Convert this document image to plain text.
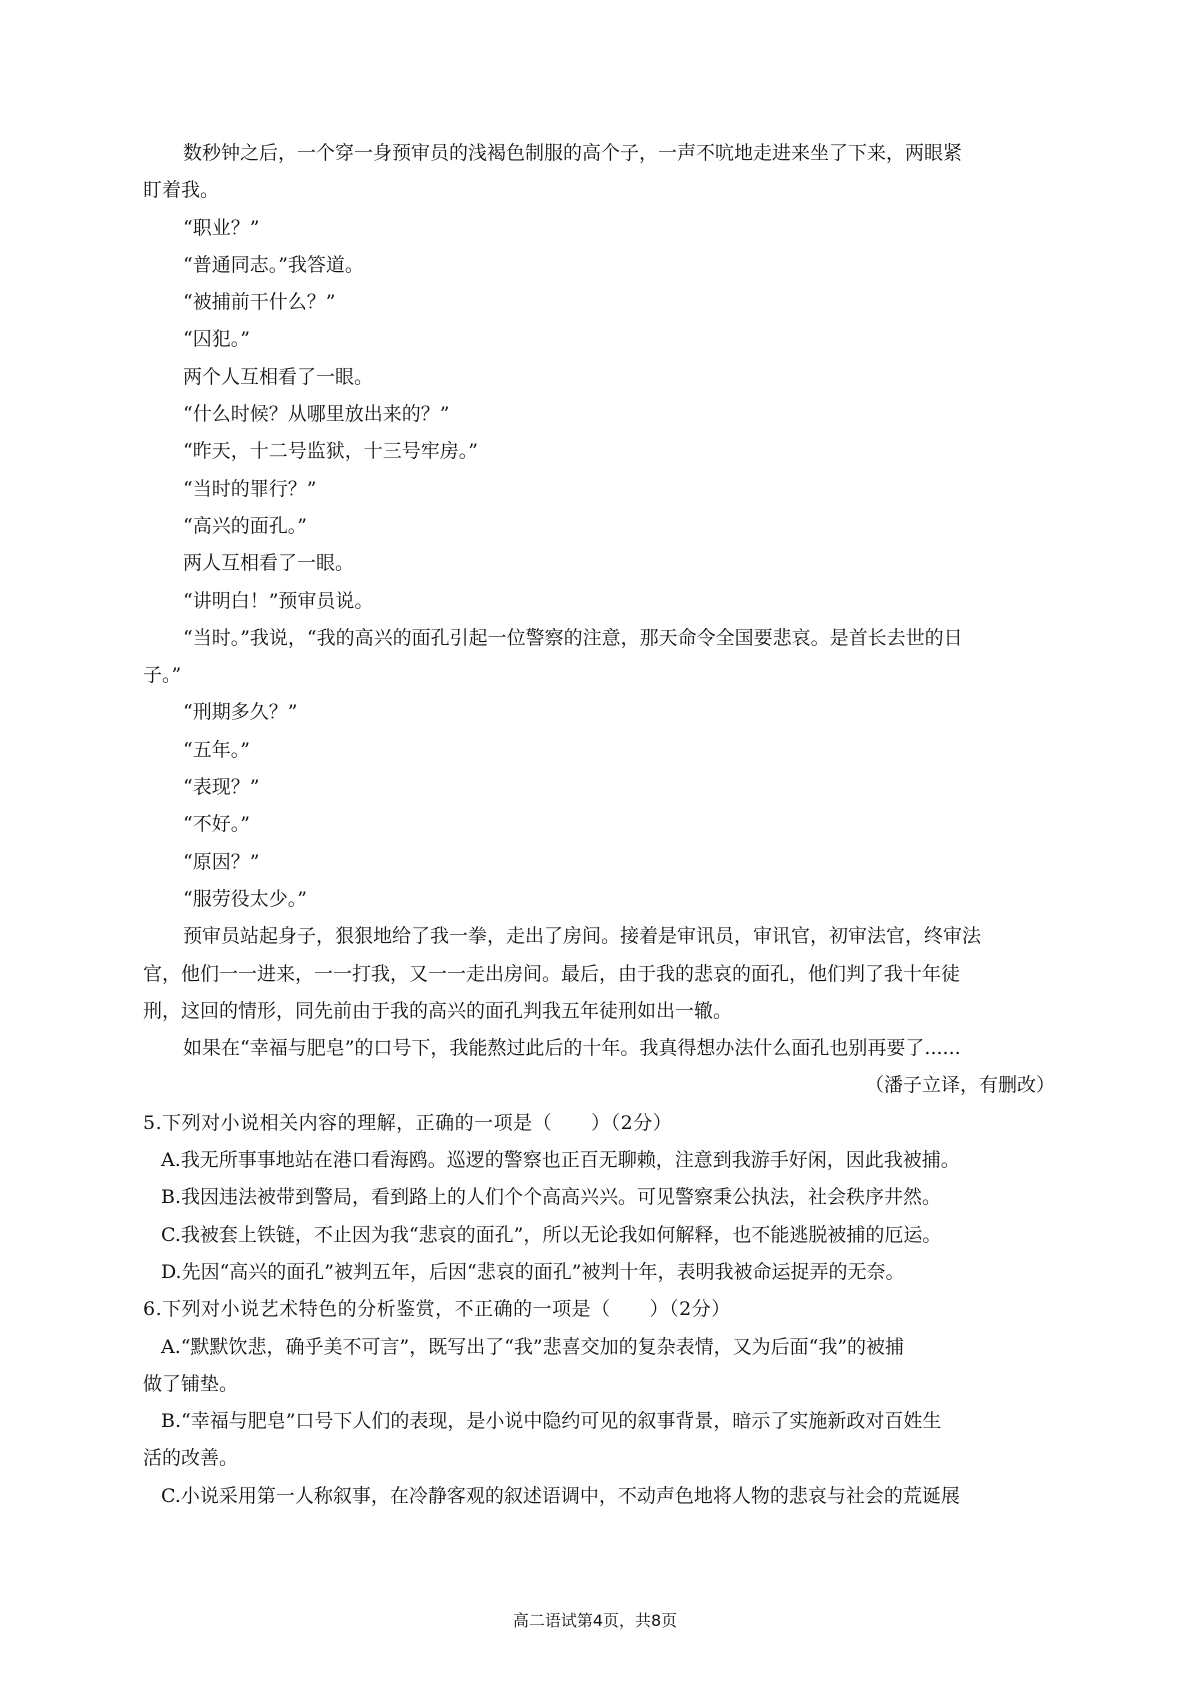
数秒钟之后，一个穿一身预审员的浅褐色制服的高个子，一声不吭地走进来坐了下来，两眼紧
盯着我。
“职业？”
“普通同志。”我答道。
“被捕前干什么？”
“囚犯。”
两个人互相看了一眼。
“什么时候？从哪里放出来的？”
“昨天，十二号监狱，十三号牢房。”
“当时的罪行？”
“高兴的面孔。”
两人互相看了一眼。
“讲明白！”预审员说。
“当时。”我说，“我的高兴的面孔引起一位警察的注意，那天命令全国要悲哀。是首长去世的日
子。”
“刑期多久？”
“五年。”
“表现？”
“不好。”
“原因？”
“服劳役太少。”
预审员站起身子，狠狠地给了我一拳，走出了房间。接着是审讯员，审讯官，初审法官，终审法
官，他们一一进来，一一打我，又一一走出房间。最后，由于我的悲哀的面孔，他们判了我十年徒
刑，这回的情形，同先前由于我的高兴的面孔判我五年徒刑如出一辙。
如果在“幸福与肥皂”的口号下，我能熬过此后的十年。我真得想办法什么面孔也别再要了......
（潘子立译，有删改）
5.下列对小说相关内容的理解，正确的一项是（　　）（2分）
A.我无所事事地站在港口看海鸥。巡逻的警察也正百无聊赖，注意到我游手好闲，因此我被捕。
B.我因违法被带到警局，看到路上的人们个个高高兴兴。可见警察秉公执法，社会秩序井然。
C.我被套上铁链，不止因为我“悲哀的面孔”，所以无论我如何解释，也不能逃脱被捕的厄运。
D.先因“高兴的面孔”被判五年，后因“悲哀的面孔”被判十年，表明我被命运捉弄的无奈。
6.下列对小说艺术特色的分析鉴赏，不正确的一项是（　　）（2分）
A.“默默饮悲，确乎美不可言”，既写出了“我”悲喜交加的复杂表情，又为后面“我”的被捕
做了铺垫。
B.“幸福与肥皂”口号下人们的表现，是小说中隐约可见的叙事背景，暗示了实施新政对百姓生
活的改善。
C.小说采用第一人称叙事，在冷静客观的叙述语调中，不动声色地将人物的悲哀与社会的荒诞展
高二语试第4页，共8页
